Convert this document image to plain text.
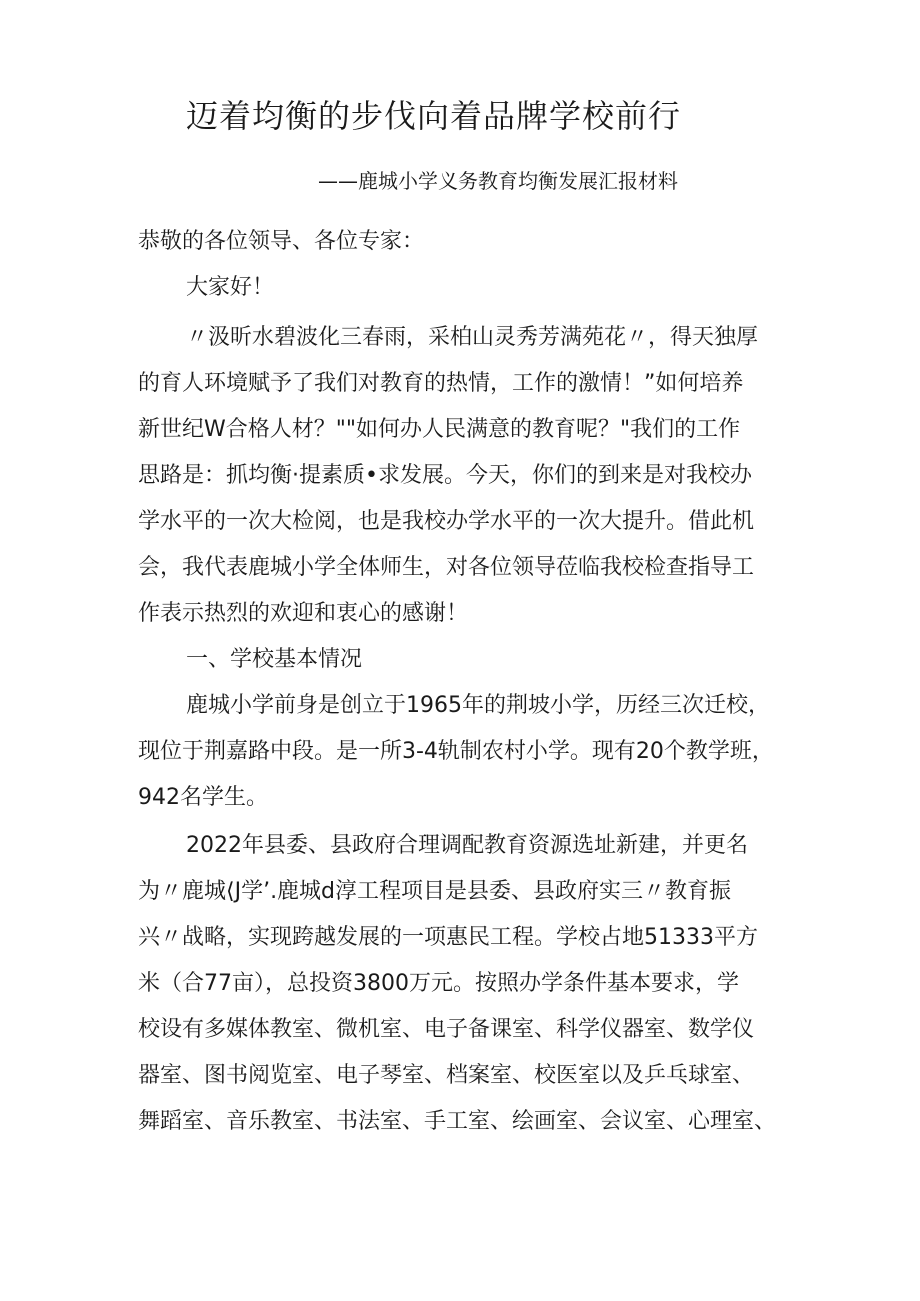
迈着均衡的步伐向着品牌学校前行
——鹿城小学义务教育均衡发展汇报材料
恭敬的各位领导、各位专家：
大家好！
〃汲昕水碧波化三春雨，采柏山灵秀芳满苑花〃，得天独厚
的育人环境赋予了我们对教育的热情，工作的激情！”如何培养
新世纪W合格人材？""如何办人民满意的教育呢？"我们的工作
思路是：抓均衡·提素质•求发展。今天，你们的到来是对我校办
学水平的一次大检阅，也是我校办学水平的一次大提升。借此机
会，我代表鹿城小学全体师生，对各位领导莅临我校检查指导工
作表示热烈的欢迎和衷心的感谢！
一、学校基本情况
鹿城小学前身是创立于1965年的荆坡小学，历经三次迁校，
现位于荆嘉路中段。是一所3-4轨制农村小学。现有20个教学班，
942名学生。
2022年县委、县政府合理调配教育资源选址新建，并更名
为〃鹿城⟨J学’.鹿城d淳工程项目是县委、县政府实三〃教育振
兴〃战略，实现跨越发展的一项惠民工程。学校占地51333平方
米（合77亩），总投资3800万元。按照办学条件基本要求，学
校设有多媒体教室、微机室、电子备课室、科学仪器室、数学仪
器室、图书阅览室、电子琴室、档案室、校医室以及乒乓球室、
舞蹈室、音乐教室、书法室、手工室、绘画室、会议室、心理室、
